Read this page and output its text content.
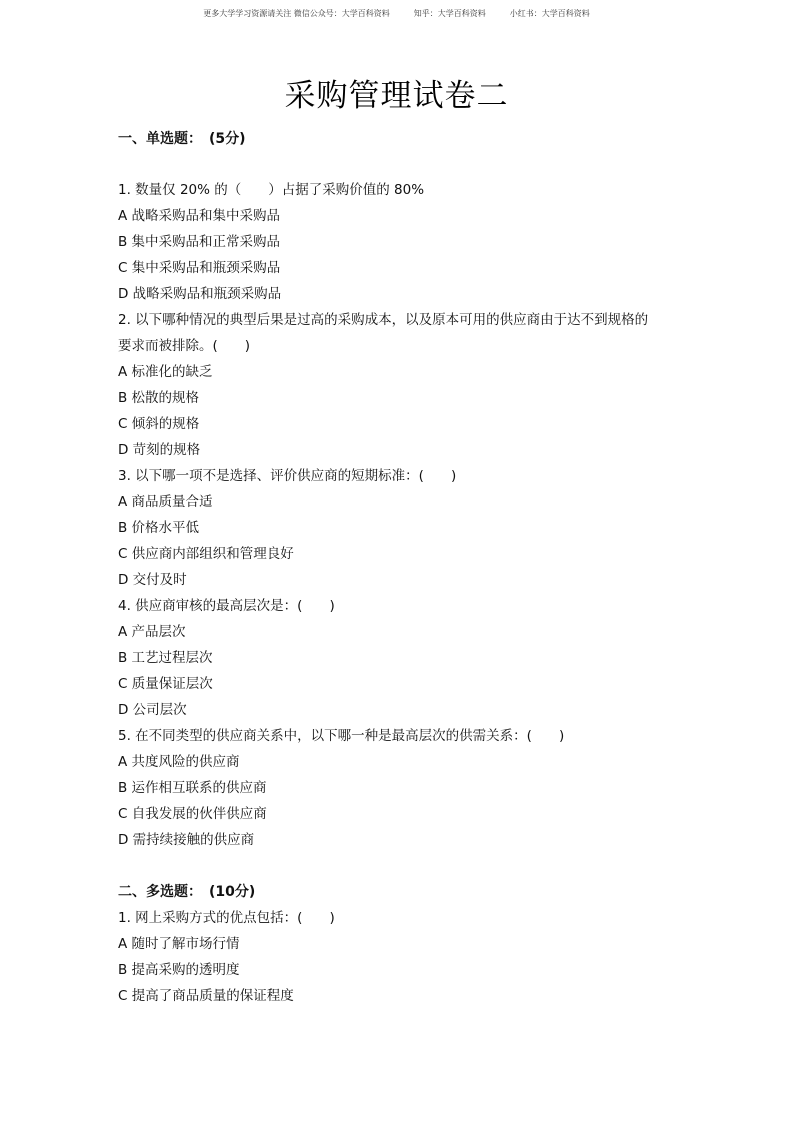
更多大学学习资源请关注 微信公众号：大学百科资料	知乎：大学百科资料	小红书：大学百科资料
采购管理试卷二
一、单选题：　(5分)
1. 数量仅 20% 的（　　）占据了采购价值的 80%
A 战略采购品和集中采购品
B 集中采购品和正常采购品
C 集中采购品和瓶颈采购品
D 战略采购品和瓶颈采购品
2. 以下哪种情况的典型后果是过高的采购成本，以及原本可用的供应商由于达不到规格的
要求而被排除。(　　)
A 标准化的缺乏
B 松散的规格
C 倾斜的规格
D 苛刻的规格
3. 以下哪一项不是选择、评价供应商的短期标准：(　　)
A 商品质量合适
B 价格水平低
C 供应商内部组织和管理良好
D 交付及时
4. 供应商审核的最高层次是：(　　)
A 产品层次
B 工艺过程层次
C 质量保证层次
D 公司层次
5. 在不同类型的供应商关系中，以下哪一种是最高层次的供需关系：(　　)
A 共度风险的供应商
B 运作相互联系的供应商
C 自我发展的伙伴供应商
D 需持续接触的供应商
二、多选题：　(10分)
1. 网上采购方式的优点包括：(　　)
A 随时了解市场行情
B 提高采购的透明度
C 提高了商品质量的保证程度
